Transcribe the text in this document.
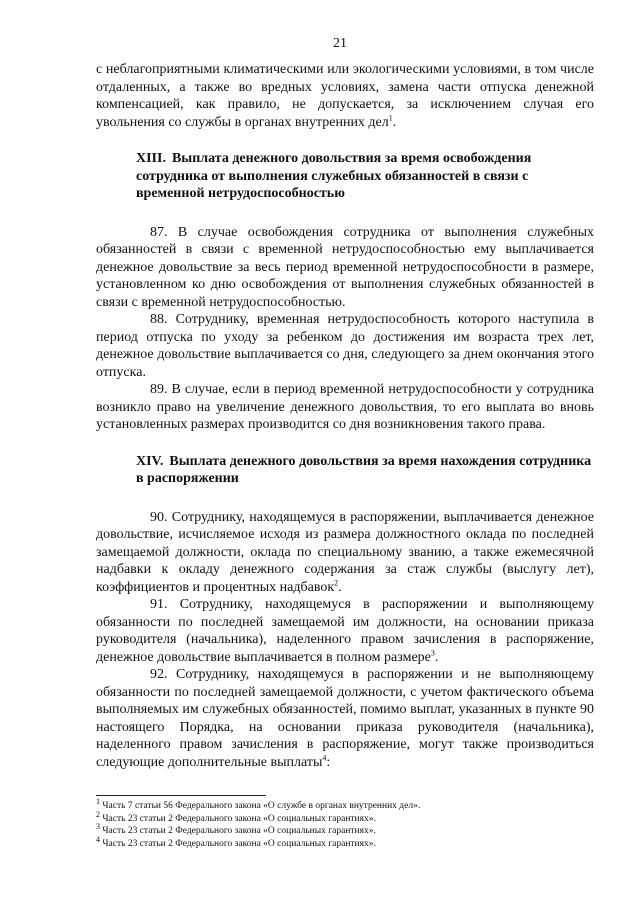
21

с неблагоприятными климатическими или экологическими условиями, в том числе отдаленных, а также во вредных условиях, замена части отпуска денежной компенсацией, как правило, не допускается, за исключением случая его увольнения со службы в органах внутренних дел$^1$.

XIII. Выплата денежного довольствия за время освобождения сотрудника от выполнения служебных обязанностей в связи с временной нетрудоспособностью

87. В случае освобождения сотрудника от выполнения служебных обязанностей в связи с временной нетрудоспособностью ему выплачивается денежное довольствие за весь период временной нетрудоспособности в размере, установленном ко дню освобождения от выполнения служебных обязанностей в связи с временной нетрудоспособностью.

88. Сотруднику, временная нетрудоспособность которого наступила в период отпуска по уходу за ребенком до достижения им возраста трех лет, денежное довольствие выплачивается со дня, следующего за днем окончания этого отпуска.

89. В случае, если в период временной нетрудоспособности у сотрудника возникло право на увеличение денежного довольствия, то его выплата во вновь установленных размерах производится со дня возникновения такого права.

XIV. Выплата денежного довольствия за время нахождения сотрудника в распоряжении

90. Сотруднику, находящемуся в распоряжении, выплачивается денежное довольствие, исчисляемое исходя из размера должностного оклада по последней замещаемой должности, оклада по специальному званию, а также ежемесячной надбавки к окладу денежного содержания за стаж службы (выслугу лет), коэффициентов и процентных надбавок$^2$.

91. Сотруднику, находящемуся в распоряжении и выполняющему обязанности по последней замещаемой им должности, на основании приказа руководителя (начальника), наделенного правом зачисления в распоряжение, денежное довольствие выплачивается в полном размере$^3$.

92. Сотруднику, находящемуся в распоряжении и не выполняющему обязанности по последней замещаемой должности, с учетом фактического объема выполняемых им служебных обязанностей, помимо выплат, указанных в пункте 90 настоящего Порядка, на основании приказа руководителя (начальника), наделенного правом зачисления в распоряжение, могут также производиться следующие дополнительные выплаты$^4$:

$^1$ Часть 7 статьи 56 Федерального закона «О службе в органах внутренних дел».
$^2$ Часть 23 статьи 2 Федерального закона «О социальных гарантиях».
$^3$ Часть 23 статьи 2 Федерального закона «О социальных гарантиях».
$^4$ Часть 23 статьи 2 Федерального закона «О социальных гарантиях».
